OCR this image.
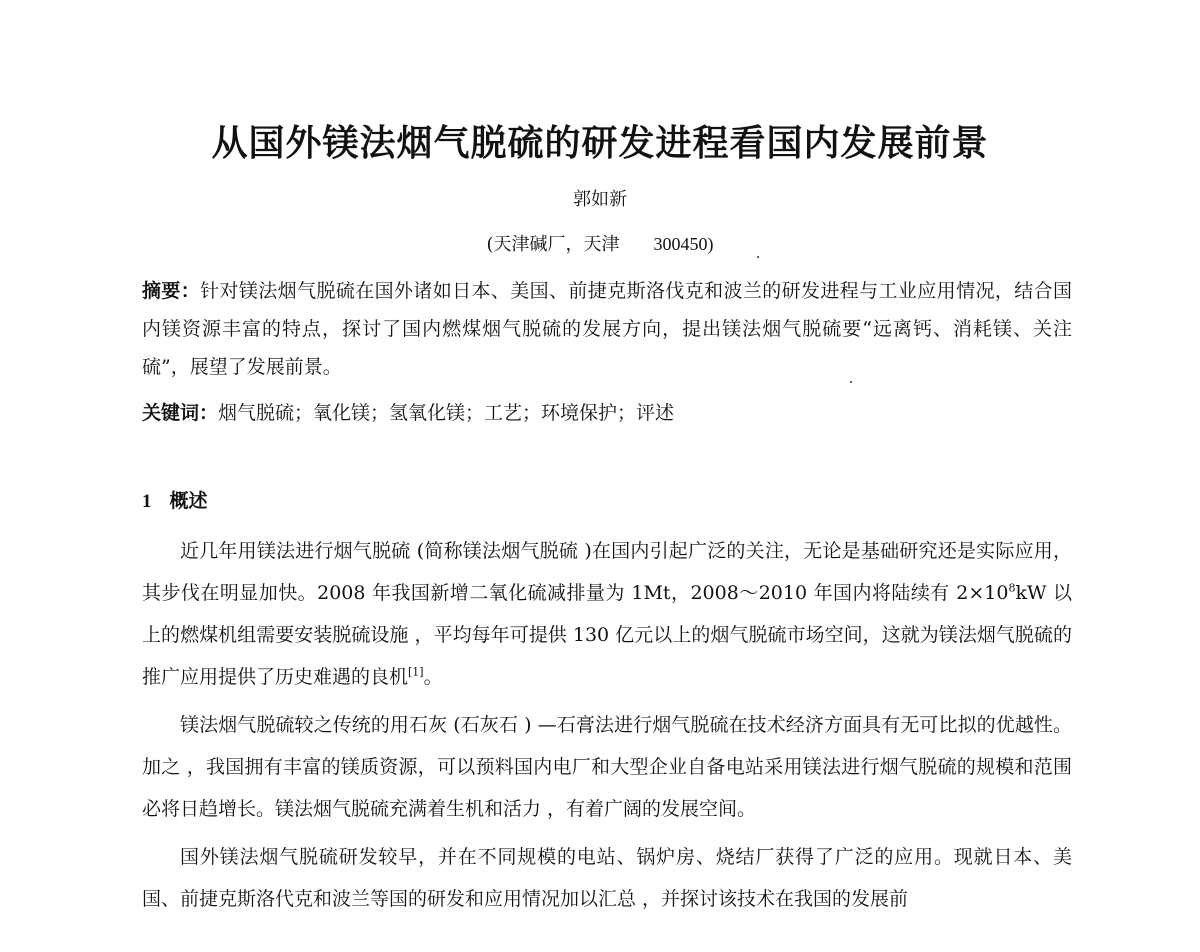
从国外镁法烟气脱硫的研发进程看国内发展前景
郭如新
(天津碱厂，天津 300450)
摘要：针对镁法烟气脱硫在国外诸如日本、美国、前捷克斯洛伐克和波兰的研发进程与工业应用情况，结合国内镁资源丰富的特点，探讨了国内燃煤烟气脱硫的发展方向，提出镁法烟气脱硫要“远离钙、消耗镁、关注硫”，展望了发展前景。
关键词：烟气脱硫；氧化镁；氢氧化镁；工艺；环境保护；评述
1 概述

近几年用镁法进行烟气脱硫 (简称镁法烟气脱硫 )在国内引起广泛的关注，无论是基础研究还是实际应用，其步伐在明显加快。2008 年我国新增二氧化硫减排量为 1Mt，2008～2010 年国内将陆续有 $2\times 10^8kW$ 以上的燃煤机组需要安装脱硫设施 ，平均每年可提供 130 亿元以上的烟气脱硫市场空间，这就为镁法烟气脱硫的推广应用提供了历史难遇的良机[1]。

镁法烟气脱硫较之传统的用石灰 (石灰石 ) —石膏法进行烟气脱硫在技术经济方面具有无可比拟的优越性。加之 ，我国拥有丰富的镁质资源，可以预料国内电厂和大型企业自备电站采用镁法进行烟气脱硫的规模和范围必将日趋增长。镁法烟气脱硫充满着生机和活力 ，有着广阔的发展空间。

国外镁法烟气脱硫研发较早，并在不同规模的电站、锅炉房、烧结厂获得了广泛的应用。现就日本、美国、前捷克斯洛代克和波兰等国的研发和应用情况加以汇总 ，并探讨该技术在我国的发展前
